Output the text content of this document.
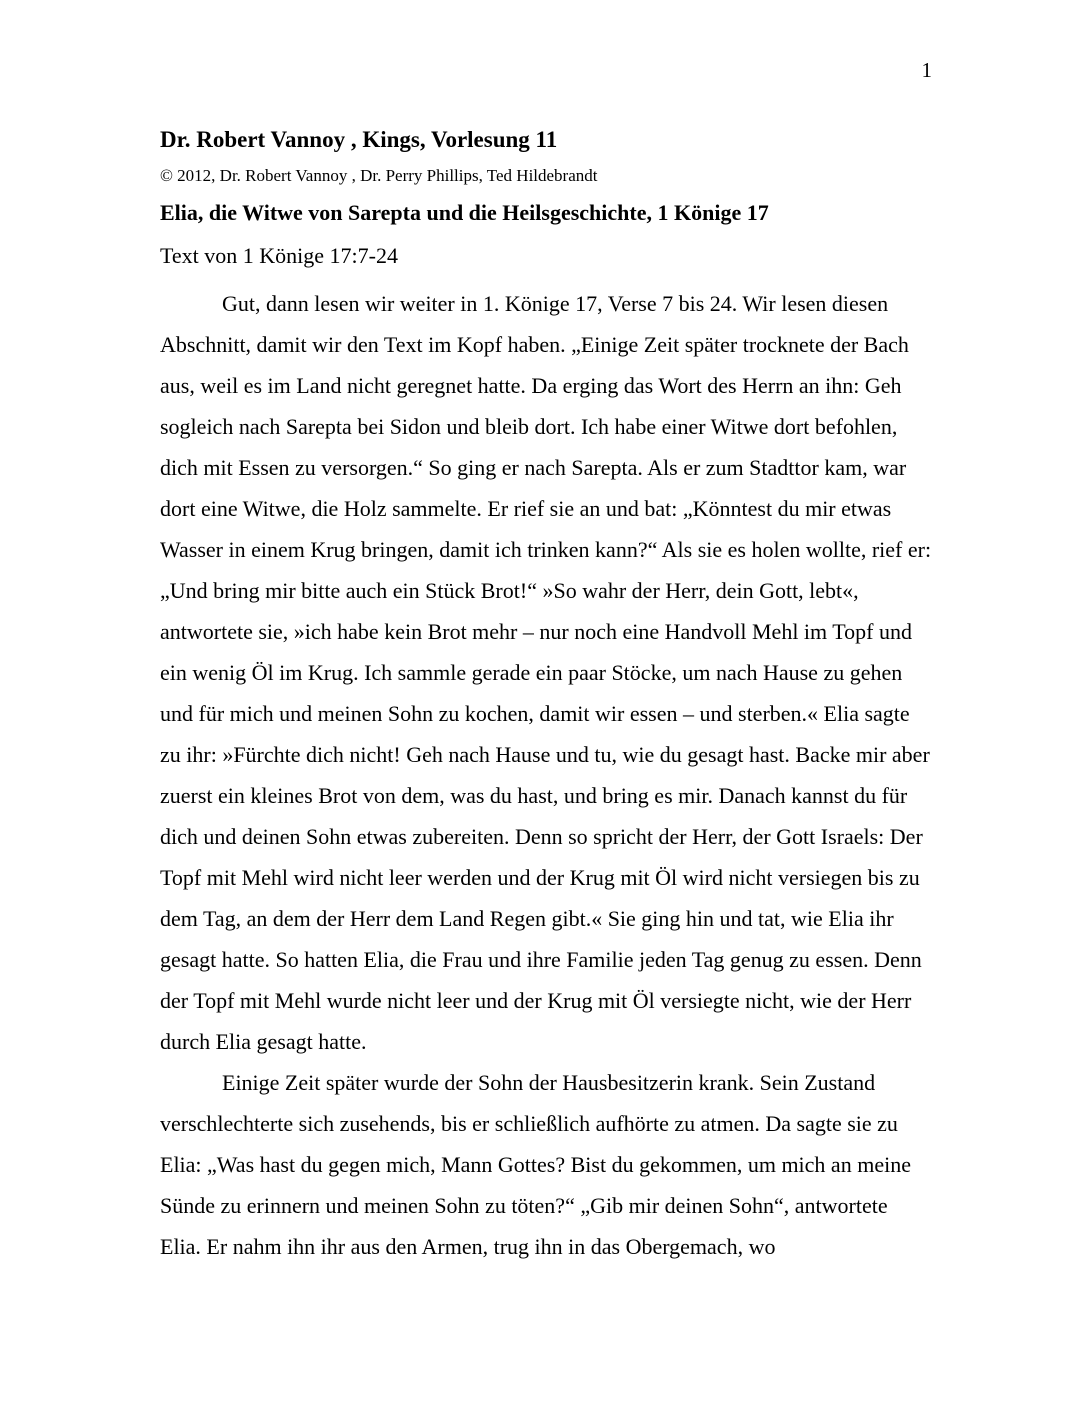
1
Dr. Robert Vannoy , Kings, Vorlesung 11
© 2012, Dr. Robert Vannoy , Dr. Perry Phillips, Ted Hildebrandt
Elia, die Witwe von Sarepta und die Heilsgeschichte, 1 Könige 17
Text von 1 Könige 17:7-24

Gut, dann lesen wir weiter in 1. Könige 17, Verse 7 bis 24. Wir lesen diesen Abschnitt, damit wir den Text im Kopf haben. „Einige Zeit später trocknete der Bach aus, weil es im Land nicht geregnet hatte. Da erging das Wort des Herrn an ihn: Geh sogleich nach Sarepta bei Sidon und bleib dort. Ich habe einer Witwe dort befohlen, dich mit Essen zu versorgen.“ So ging er nach Sarepta. Als er zum Stadttor kam, war dort eine Witwe, die Holz sammelte. Er rief sie an und bat: „Könntest du mir etwas Wasser in einem Krug bringen, damit ich trinken kann?“ Als sie es holen wollte, rief er: „Und bring mir bitte auch ein Stück Brot!“ »So wahr der Herr, dein Gott, lebt«, antwortete sie, »ich habe kein Brot mehr – nur noch eine Handvoll Mehl im Topf und ein wenig Öl im Krug. Ich sammle gerade ein paar Stöcke, um nach Hause zu gehen und für mich und meinen Sohn zu kochen, damit wir essen – und sterben.« Elia sagte zu ihr: »Fürchte dich nicht! Geh nach Hause und tu, wie du gesagt hast. Backe mir aber zuerst ein kleines Brot von dem, was du hast, und bring es mir. Danach kannst du für dich und deinen Sohn etwas zubereiten. Denn so spricht der Herr, der Gott Israels: Der Topf mit Mehl wird nicht leer werden und der Krug mit Öl wird nicht versiegen bis zu dem Tag, an dem der Herr dem Land Regen gibt.« Sie ging hin und tat, wie Elia ihr gesagt hatte. So hatten Elia, die Frau und ihre Familie jeden Tag genug zu essen. Denn der Topf mit Mehl wurde nicht leer und der Krug mit Öl versiegte nicht, wie der Herr durch Elia gesagt hatte.

Einige Zeit später wurde der Sohn der Hausbesitzerin krank. Sein Zustand verschlechterte sich zusehends, bis er schließlich aufhörte zu atmen. Da sagte sie zu Elia: „Was hast du gegen mich, Mann Gottes? Bist du gekommen, um mich an meine Sünde zu erinnern und meinen Sohn zu töten?“ „Gib mir deinen Sohn“, antwortete Elia. Er nahm ihn ihr aus den Armen, trug ihn in das Obergemach, wo
